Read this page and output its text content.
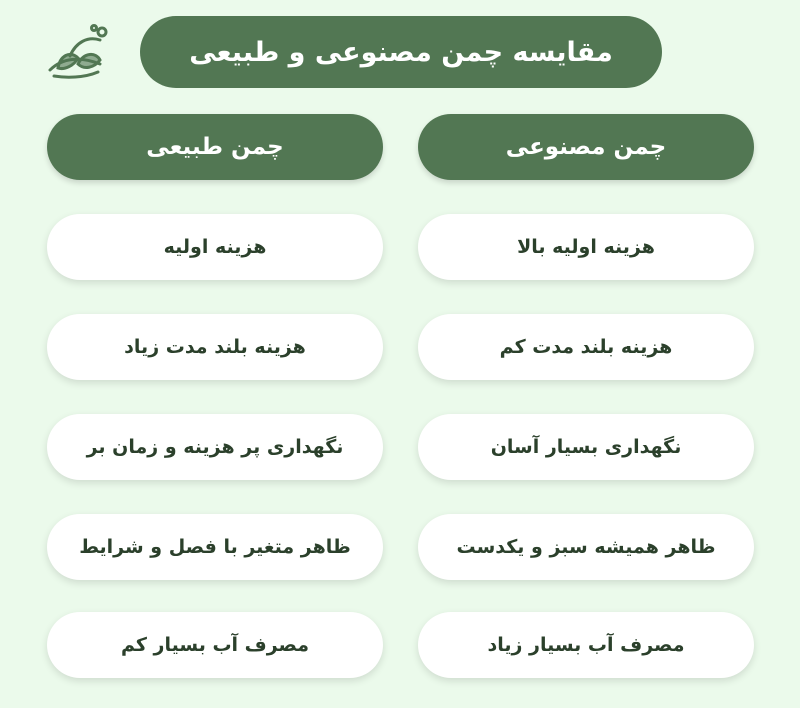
مقایسه چمن مصنوعی و طبیعی
چمن مصنوعی
چمن طبیعی
هزینه اولیه بالا
هزینه بلند مدت کم
نگهداری بسیار آسان
ظاهر همیشه سبز و یکدست
مصرف آب بسیار زیاد
هزینه اولیه
هزینه بلند مدت زیاد
نگهداری پر هزینه و زمان بر
ظاهر متغیر با فصل و شرایط
مصرف آب بسیار کم
